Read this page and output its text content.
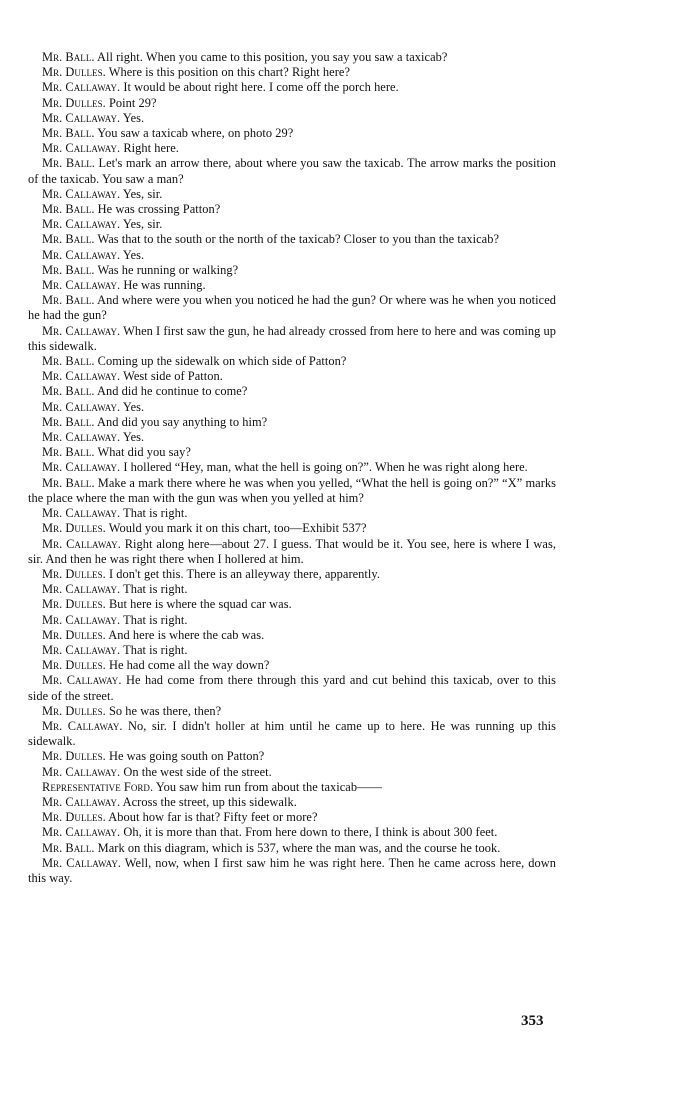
Mr. Ball. All right. When you came to this position, you say you saw a taxicab?

Mr. Dulles. Where is this position on this chart? Right here?

Mr. Callaway. It would be about right here. I come off the porch here.

Mr. Dulles. Point 29?

Mr. Callaway. Yes.

Mr. Ball. You saw a taxicab where, on photo 29?

Mr. Callaway. Right here.

Mr. Ball. Let's mark an arrow there, about where you saw the taxicab. The arrow marks the position of the taxicab. You saw a man?

Mr. Callaway. Yes, sir.

Mr. Ball. He was crossing Patton?

Mr. Callaway. Yes, sir.

Mr. Ball. Was that to the south or the north of the taxicab? Closer to you than the taxicab?

Mr. Callaway. Yes.

Mr. Ball. Was he running or walking?

Mr. Callaway. He was running.

Mr. Ball. And where were you when you noticed he had the gun? Or where was he when you noticed he had the gun?

Mr. Callaway. When I first saw the gun, he had already crossed from here to here and was coming up this sidewalk.

Mr. Ball. Coming up the sidewalk on which side of Patton?

Mr. Callaway. West side of Patton.

Mr. Ball. And did he continue to come?

Mr. Callaway. Yes.

Mr. Ball. And did you say anything to him?

Mr. Callaway. Yes.

Mr. Ball. What did you say?

Mr. Callaway. I hollered “Hey, man, what the hell is going on?”. When he was right along here.

Mr. Ball. Make a mark there where he was when you yelled, “What the hell is going on?” “X” marks the place where the man with the gun was when you yelled at him?

Mr. Callaway. That is right.

Mr. Dulles. Would you mark it on this chart, too—Exhibit 537?

Mr. Callaway. Right along here—about 27. I guess. That would be it. You see, here is where I was, sir. And then he was right there when I hollered at him.

Mr. Dulles. I don't get this. There is an alleyway there, apparently.

Mr. Callaway. That is right.

Mr. Dulles. But here is where the squad car was.

Mr. Callaway. That is right.

Mr. Dulles. And here is where the cab was.

Mr. Callaway. That is right.

Mr. Dulles. He had come all the way down?

Mr. Callaway. He had come from there through this yard and cut behind this taxicab, over to this side of the street.

Mr. Dulles. So he was there, then?

Mr. Callaway. No, sir. I didn't holler at him until he came up to here. He was running up this sidewalk.

Mr. Dulles. He was going south on Patton?

Mr. Callaway. On the west side of the street.

Representative Ford. You saw him run from about the taxicab——

Mr. Callaway. Across the street, up this sidewalk.

Mr. Dulles. About how far is that? Fifty feet or more?

Mr. Callaway. Oh, it is more than that. From here down to there, I think is about 300 feet.

Mr. Ball. Mark on this diagram, which is 537, where the man was, and the course he took.

Mr. Callaway. Well, now, when I first saw him he was right here. Then he came across here, down this way.

353
